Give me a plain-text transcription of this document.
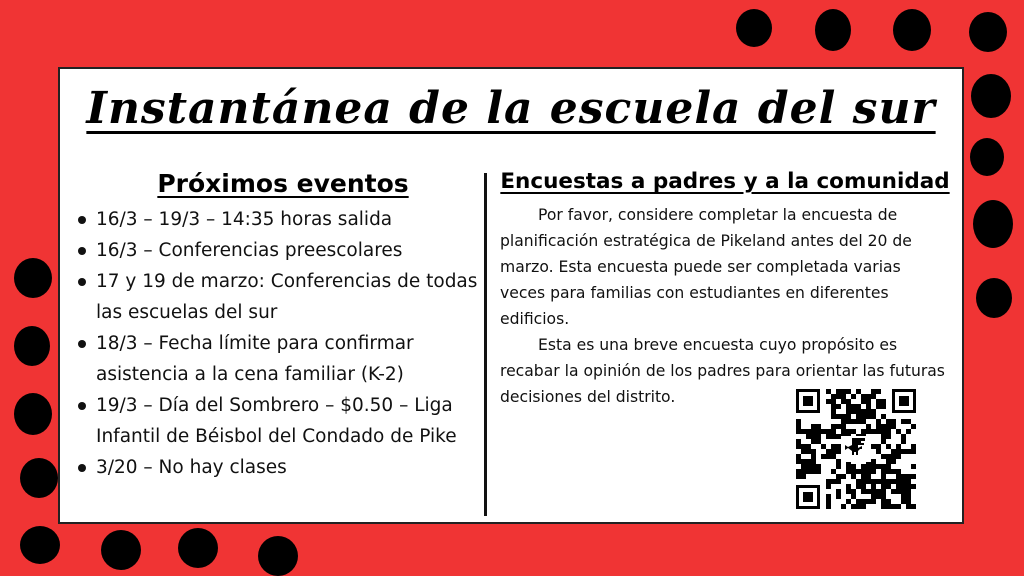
Instantánea de la escuela del sur
Próximos eventos
16/3 – 19/3 – 14:35 horas salida
16/3 – Conferencias preescolares
17 y 19 de marzo: Conferencias de todas las escuelas del sur
18/3 – Fecha límite para confirmar asistencia a la cena familiar (K-2)
19/3 – Día del Sombrero – $0.50 – Liga Infantil de Béisbol del Condado de Pike
3/20 – No hay clases
Encuestas a padres y a la comunidad

Por favor, considere completar la encuesta de planificación estratégica de Pikeland antes del 20 de marzo. Esta encuesta puede ser completada varias veces para familias con estudiantes en diferentes edificios.

Esta es una breve encuesta cuyo propósito es recabar la opinión de los padres para orientar las futuras decisiones del distrito.
